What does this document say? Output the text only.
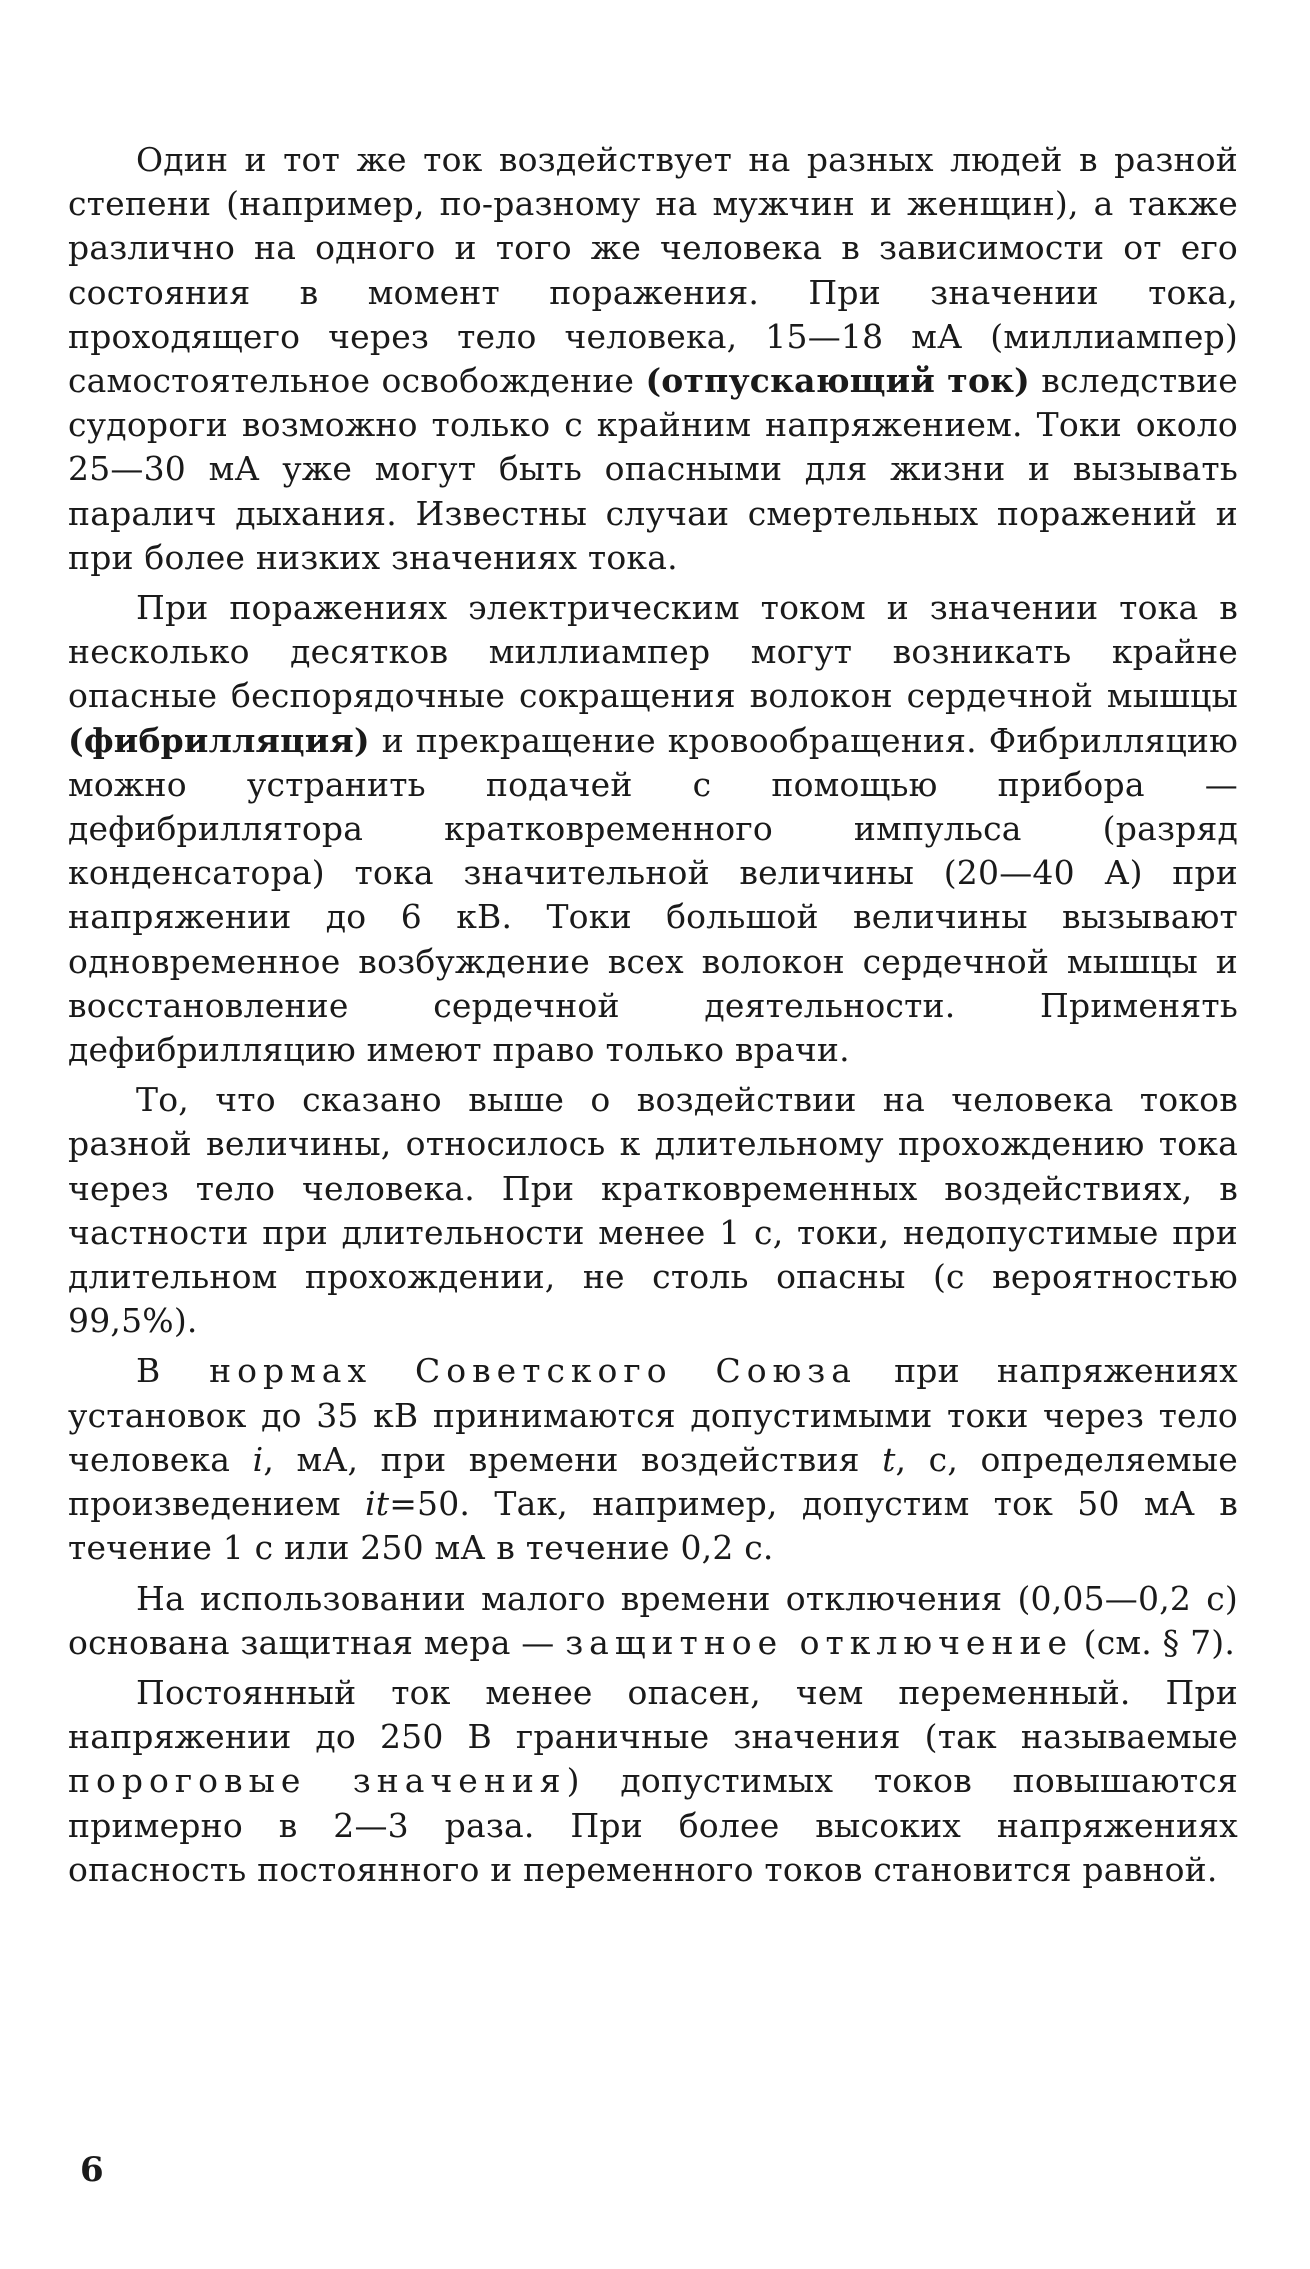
Один и тот же ток воздействует на разных людей в разной степени (например, по-разному на мужчин и женщин), а также различно на одного и того же человека в зависимости от его состояния в момент поражения. При значении тока, проходящего через тело человека, 15—18 мА (миллиампер) самостоятельное освобождение (отпускающий ток) вследствие судороги возможно только с крайним напряжением. Токи около 25—30 мА уже могут быть опасными для жизни и вызывать паралич дыхания. Известны случаи смертельных поражений и при более низких значениях тока.

При поражениях электрическим током и значении тока в несколько десятков миллиампер могут возникать крайне опасные беспорядочные сокращения волокон сердечной мышцы (фибрилляция) и прекращение кровообращения. Фибрилляцию можно устранить подачей с помощью прибора — дефибриллятора кратковременного импульса (разряд конденсатора) тока значительной величины (20—40 А) при напряжении до 6 кВ. Токи большой величины вызывают одновременное возбуждение всех волокон сердечной мышцы и восстановление сердечной деятельности. Применять дефибрилляцию имеют право только врачи.

То, что сказано выше о воздействии на человека токов разной величины, относилось к длительному прохождению тока через тело человека. При кратковременных воздействиях, в частности при длительности менее 1 с, токи, недопустимые при длительном прохождении, не столь опасны (с вероятностью 99,5%).

В нормах Советского Союза при напряжениях установок до 35 кВ принимаются допустимыми токи через тело человека i, мА, при времени воздействия t, с, определяемые произведением it=50. Так, например, допустим ток 50 мА в течение 1 с или 250 мА в течение 0,2 с.

На использовании малого времени отключения (0,05—0,2 с) основана защитная мера — защитное отключение (см. § 7).

Постоянный ток менее опасен, чем переменный. При напряжении до 250 В граничные значения (так называемые пороговые значения) допустимых токов повышаются примерно в 2—3 раза. При более высоких напряжениях опасность постоянного и переменного токов становится равной.

6
